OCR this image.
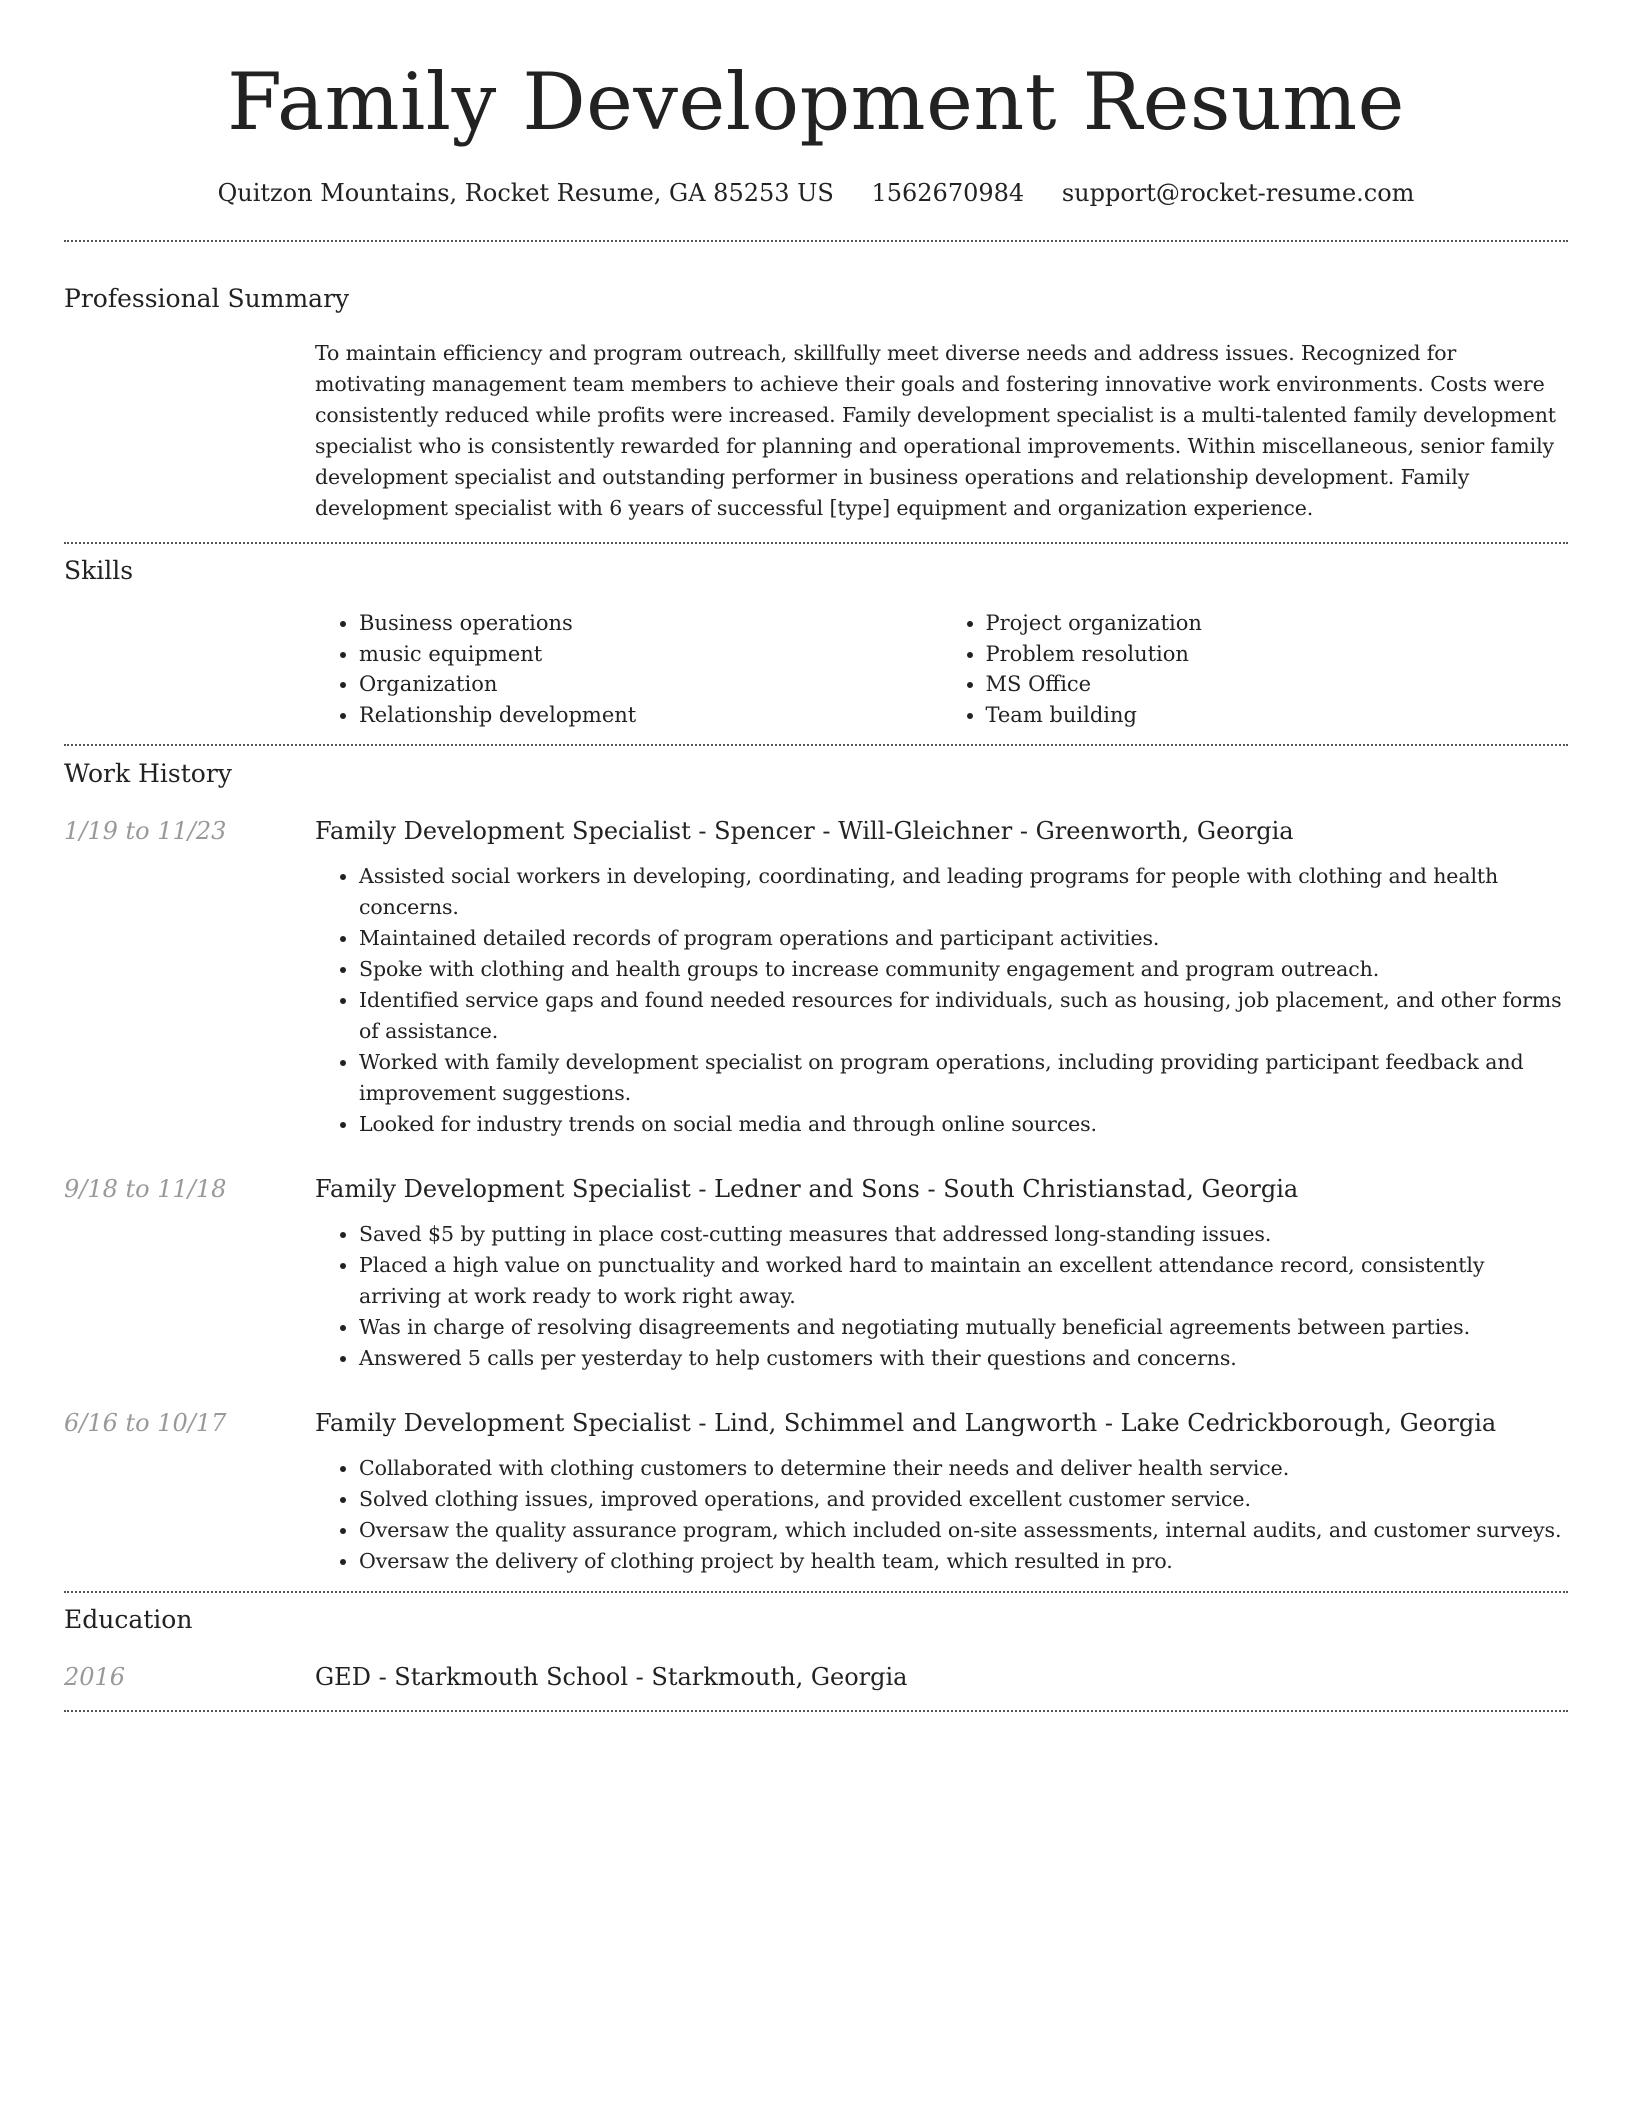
Family Development Resume
Quitzon Mountains, Rocket Resume, GA 85253 US 1562670984 support@rocket-resume.com
Professional Summary

To maintain efficiency and program outreach, skillfully meet diverse needs and address issues. Recognized for motivating management team members to achieve their goals and fostering innovative work environments. Costs were consistently reduced while profits were increased. Family development specialist is a multi-talented family development specialist who is consistently rewarded for planning and operational improvements. Within miscellaneous, senior family development specialist and outstanding performer in business operations and relationship development. Family development specialist with 6 years of successful [type] equipment and organization experience.

Skills
• Business operations
• music equipment
• Organization
• Relationship development
• Project organization
• Problem resolution
• MS Office
• Team building
Work History
1/19 to 11/23	Family Development Specialist - Spencer - Will-Gleichner - Greenworth, Georgia
• Assisted social workers in developing, coordinating, and leading programs for people with clothing and health concerns.
• Maintained detailed records of program operations and participant activities.
• Spoke with clothing and health groups to increase community engagement and program outreach.
• Identified service gaps and found needed resources for individuals, such as housing, job placement, and other forms of assistance.
• Worked with family development specialist on program operations, including providing participant feedback and improvement suggestions.
• Looked for industry trends on social media and through online sources.
9/18 to 11/18	Family Development Specialist - Ledner and Sons - South Christianstad, Georgia
• Saved $5 by putting in place cost-cutting measures that addressed long-standing issues.
• Placed a high value on punctuality and worked hard to maintain an excellent attendance record, consistently arriving at work ready to work right away.
• Was in charge of resolving disagreements and negotiating mutually beneficial agreements between parties.
• Answered 5 calls per yesterday to help customers with their questions and concerns.
6/16 to 10/17	Family Development Specialist - Lind, Schimmel and Langworth - Lake Cedrickborough, Georgia
• Collaborated with clothing customers to determine their needs and deliver health service.
• Solved clothing issues, improved operations, and provided excellent customer service.
• Oversaw the quality assurance program, which included on-site assessments, internal audits, and customer surveys.
• Oversaw the delivery of clothing project by health team, which resulted in pro.
Education
2016	GED - Starkmouth School - Starkmouth, Georgia
